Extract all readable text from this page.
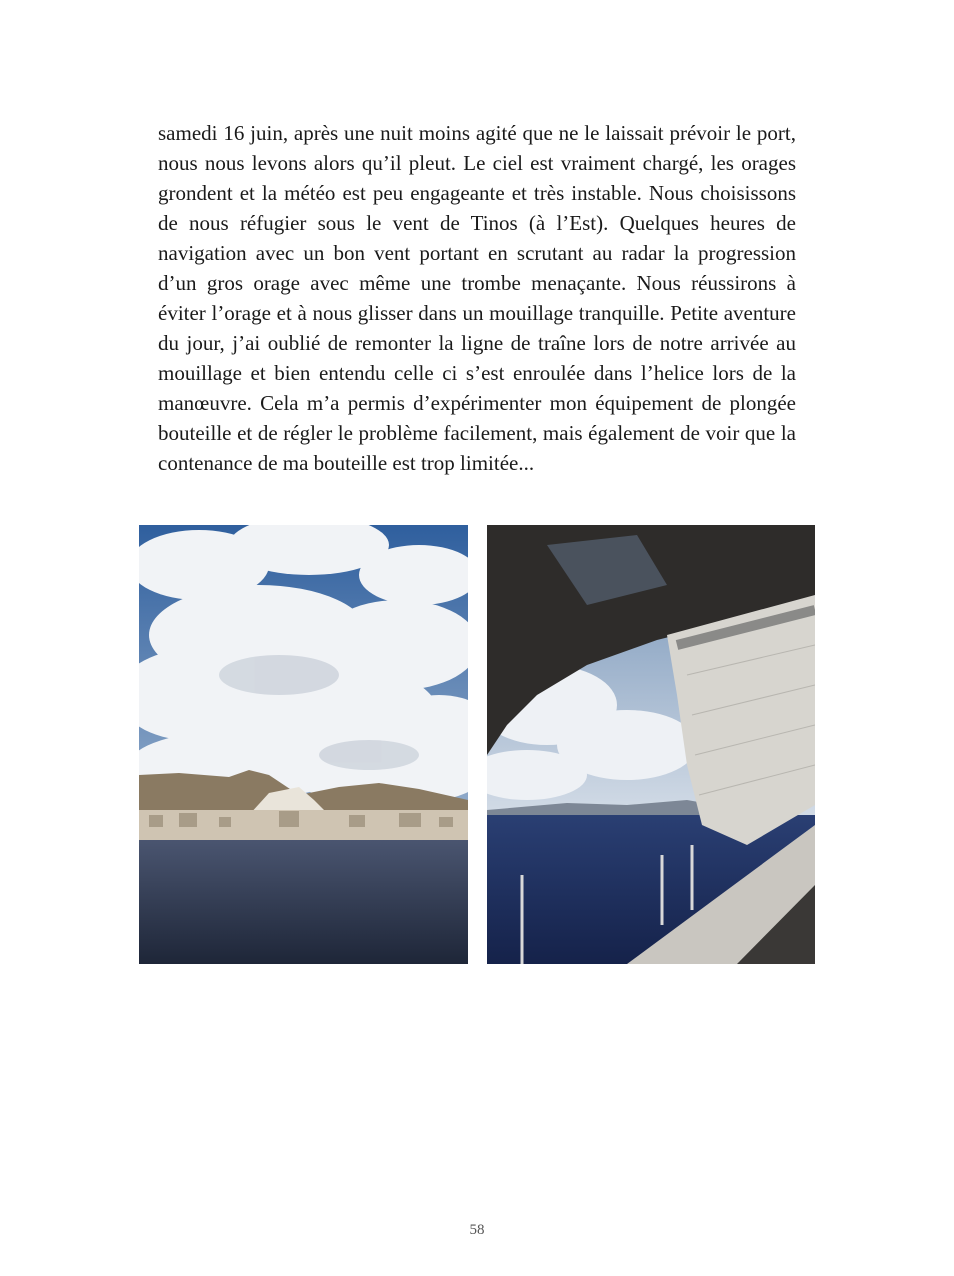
samedi 16 juin, après une nuit moins agité que ne le laissait prévoir le port, nous nous levons alors qu’il pleut. Le ciel est vraiment chargé, les orages grondent et la météo est peu engageante et très instable. Nous choisissons de nous réfugier sous le vent de Tinos (à l’Est). Quelques heures de navigation avec un bon vent portant en scrutant au radar la progression d’un gros orage avec même une trombe menaçante. Nous réussirons à éviter l’orage et à nous glisser dans un mouillage tranquille. Petite aventure du jour, j’ai oublié de remonter la ligne de traîne lors de notre arrivée au mouillage et bien entendu celle ci s’est enroulée dans l’helice lors de la manœuvre. Cela m’a permis d’expérimenter mon équipement de plongée bouteille et de régler le problème facilement, mais également de voir que la contenance de ma bouteille est trop limitée...

58
